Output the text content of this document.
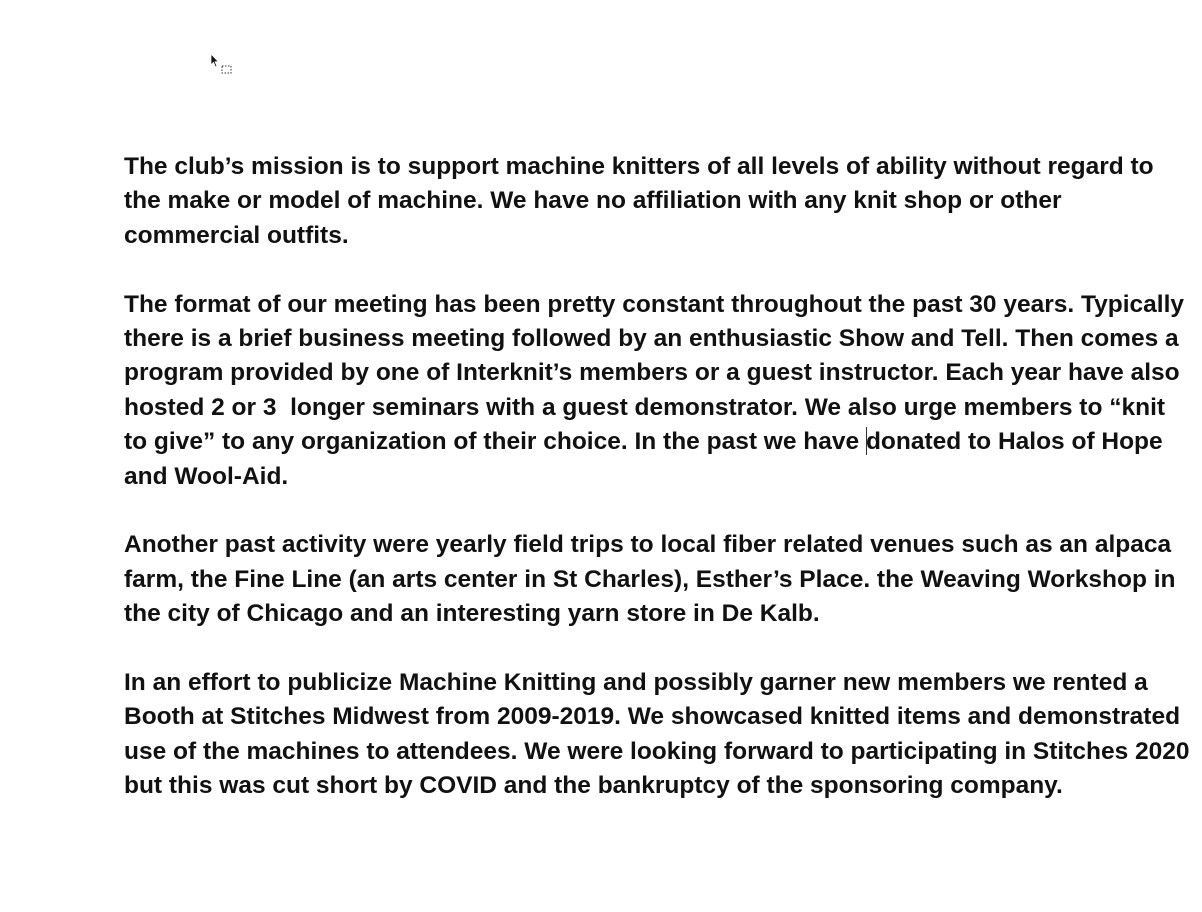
The club’s mission is to support machine knitters of all levels of ability without regard to the make or model of machine. We have no affiliation with any knit shop or other commercial outfits.

The format of our meeting has been pretty constant throughout the past 30 years. Typically there is a brief business meeting followed by an enthusiastic Show and Tell. Then comes a program provided by one of Interknit’s members or a guest instructor. Each year have also hosted 2 or 3  longer seminars with a guest demonstrator. We also urge members to “knit to give” to any organization of their choice. In the past we have donated to Halos of Hope and Wool-Aid.

Another past activity were yearly field trips to local fiber related venues such as an alpaca farm, the Fine Line (an arts center in St Charles), Esther’s Place. the Weaving Workshop in the city of Chicago and an interesting yarn store in De Kalb.

In an effort to publicize Machine Knitting and possibly garner new members we rented a Booth at Stitches Midwest from 2009-2019. We showcased knitted items and demonstrated use of the machines to attendees. We were looking forward to participating in Stitches 2020 but this was cut short by COVID and the bankruptcy of the sponsoring company.
